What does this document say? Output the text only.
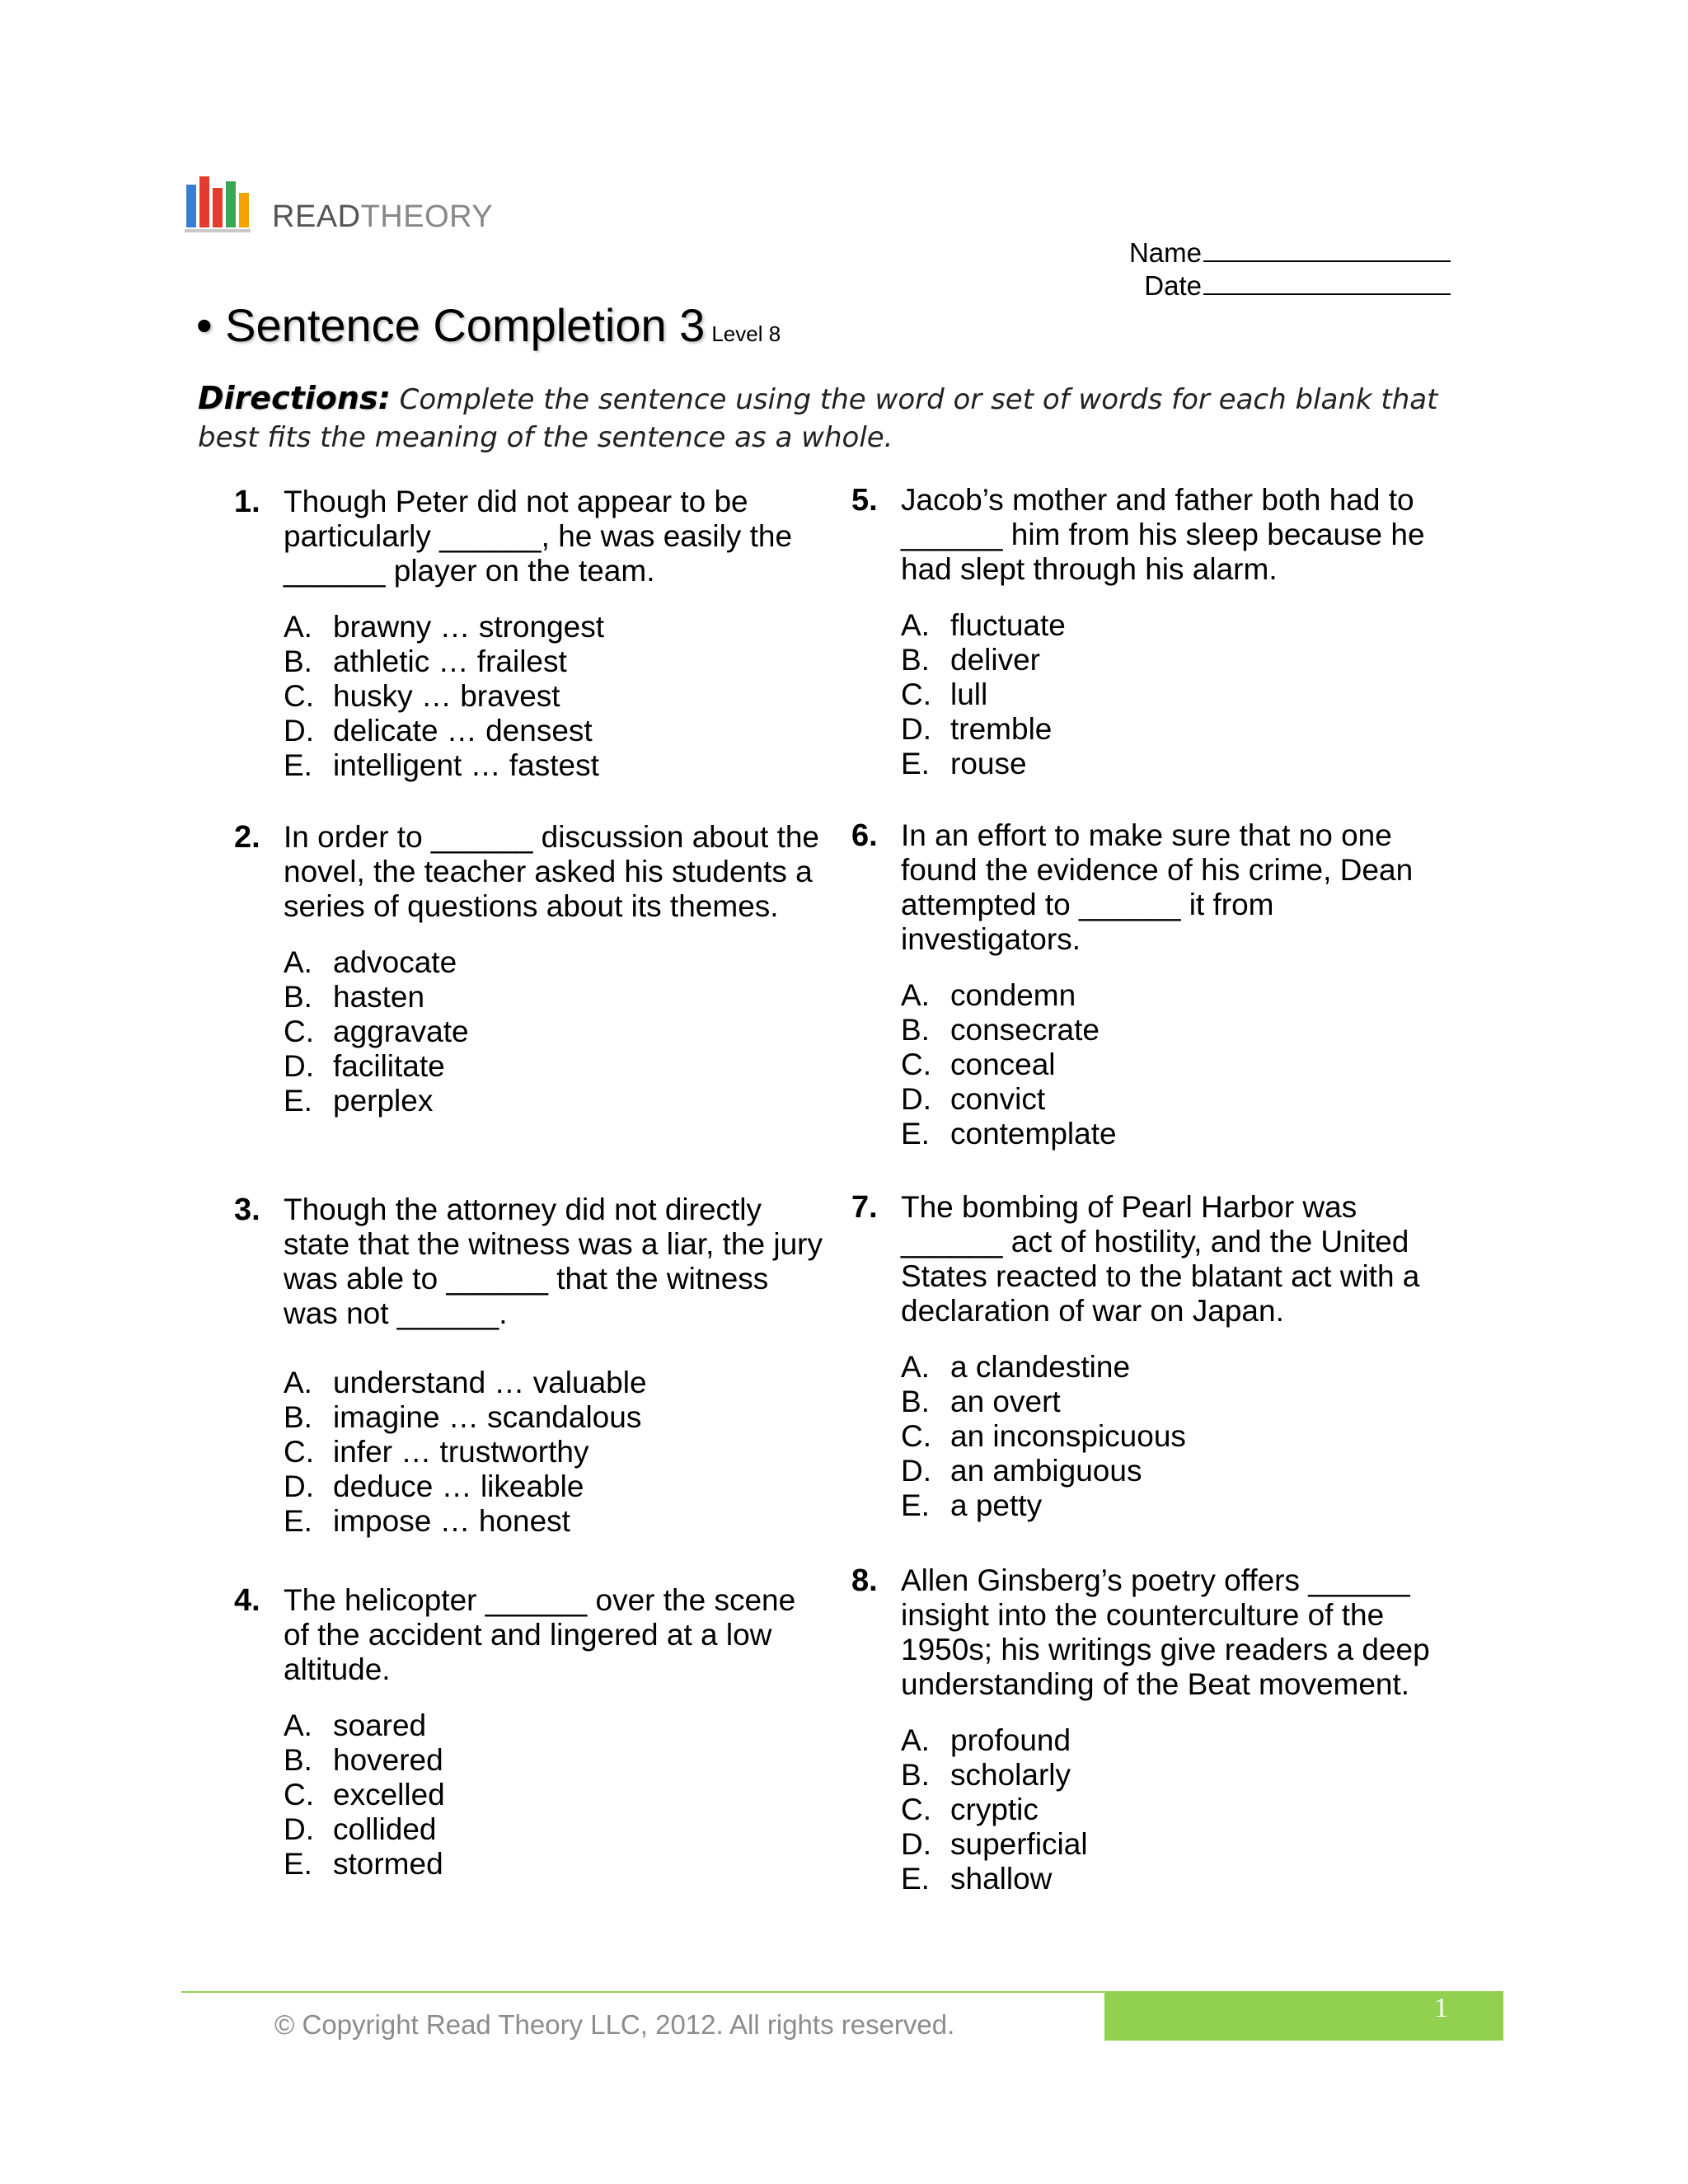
READTHEORY
Name
Date
• Sentence Completion 3 Level 8
Directions: Complete the sentence using the word or set of words for each blank that best fits the meaning of the sentence as a whole.
1. Though Peter did not appear to be particularly ______, he was easily the ______ player on the team.
A. brawny … strongest
B. athletic … frailest
C. husky … bravest
D. delicate … densest
E. intelligent … fastest
2. In order to ______ discussion about the novel, the teacher asked his students a series of questions about its themes.
A. advocate
B. hasten
C. aggravate
D. facilitate
E. perplex
3. Though the attorney did not directly state that the witness was a liar, the jury was able to ______ that the witness was not ______.
A. understand … valuable
B. imagine … scandalous
C. infer … trustworthy
D. deduce … likeable
E. impose … honest
4. The helicopter ______ over the scene of the accident and lingered at a low altitude.
A. soared
B. hovered
C. excelled
D. collided
E. stormed
5. Jacob’s mother and father both had to ______ him from his sleep because he had slept through his alarm.
A. fluctuate
B. deliver
C. lull
D. tremble
E. rouse
6. In an effort to make sure that no one found the evidence of his crime, Dean attempted to ______ it from investigators.
A. condemn
B. consecrate
C. conceal
D. convict
E. contemplate
7. The bombing of Pearl Harbor was ______ act of hostility, and the United States reacted to the blatant act with a declaration of war on Japan.
A. a clandestine
B. an overt
C. an inconspicuous
D. an ambiguous
E. a petty
8. Allen Ginsberg’s poetry offers ______ insight into the counterculture of the 1950s; his writings give readers a deep understanding of the Beat movement.
A. profound
B. scholarly
C. cryptic
D. superficial
E. shallow
1
© Copyright Read Theory LLC, 2012. All rights reserved.
